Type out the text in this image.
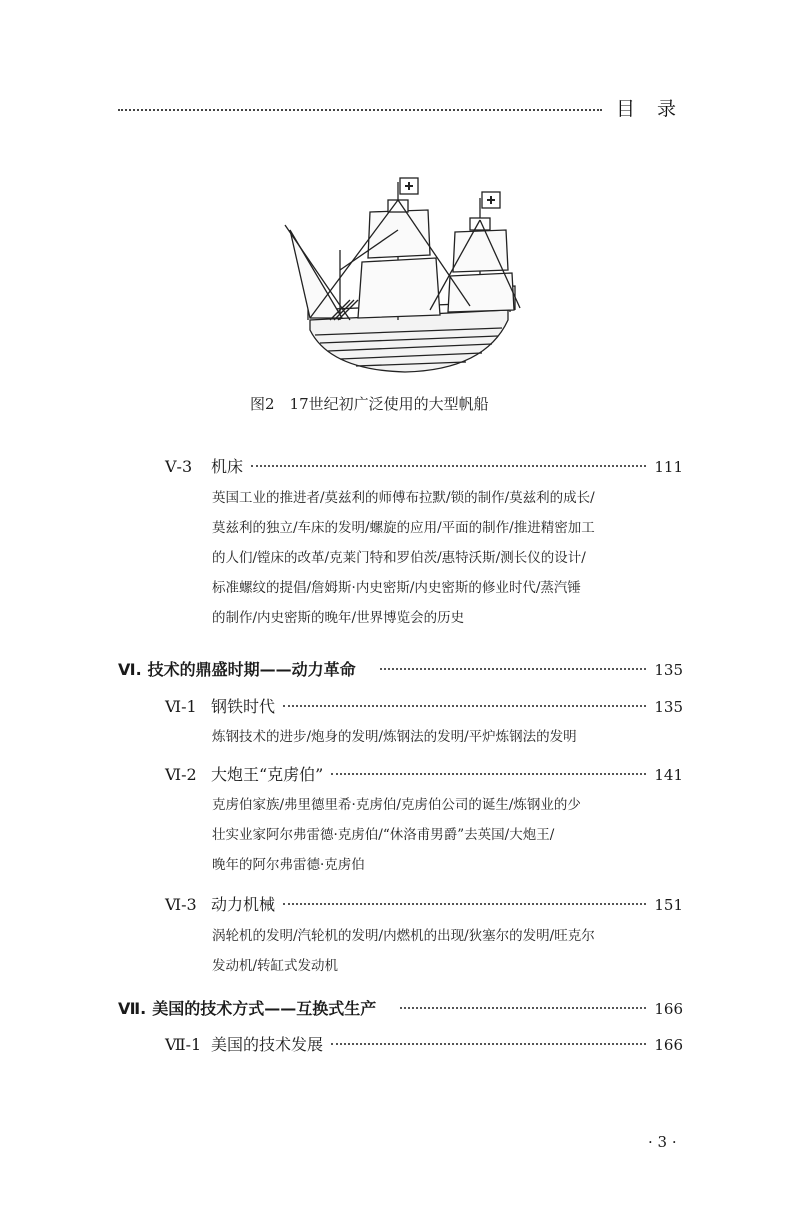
目 录
图2　17世纪初广泛使用的大型帆船
Ⅴ-3	机床	111
英国工业的推进者/莫兹利的师傅布拉默/锁的制作/莫兹利的成长/
莫兹利的独立/车床的发明/螺旋的应用/平面的制作/推进精密加工
的人们/镗床的改革/克莱门特和罗伯茨/惠特沃斯/测长仪的设计/
标准螺纹的提倡/詹姆斯·内史密斯/内史密斯的修业时代/蒸汽锤
的制作/内史密斯的晚年/世界博览会的历史
Ⅵ. 技术的鼎盛时期——动力革命	135
Ⅵ-1 钢铁时代	135
炼钢技术的进步/炮身的发明/炼钢法的发明/平炉炼钢法的发明
Ⅵ-2 大炮王“克虏伯”	141
克虏伯家族/弗里德里希·克虏伯/克虏伯公司的诞生/炼钢业的少
壮实业家阿尔弗雷德·克虏伯/“休洛甫男爵”去英国/大炮王/
晚年的阿尔弗雷德·克虏伯
Ⅵ-3 动力机械	151
涡轮机的发明/汽轮机的发明/内燃机的出现/狄塞尔的发明/旺克尔
发动机/转缸式发动机
Ⅶ. 美国的技术方式——互换式生产	166
Ⅶ-1 美国的技术发展	166
· 3 ·
